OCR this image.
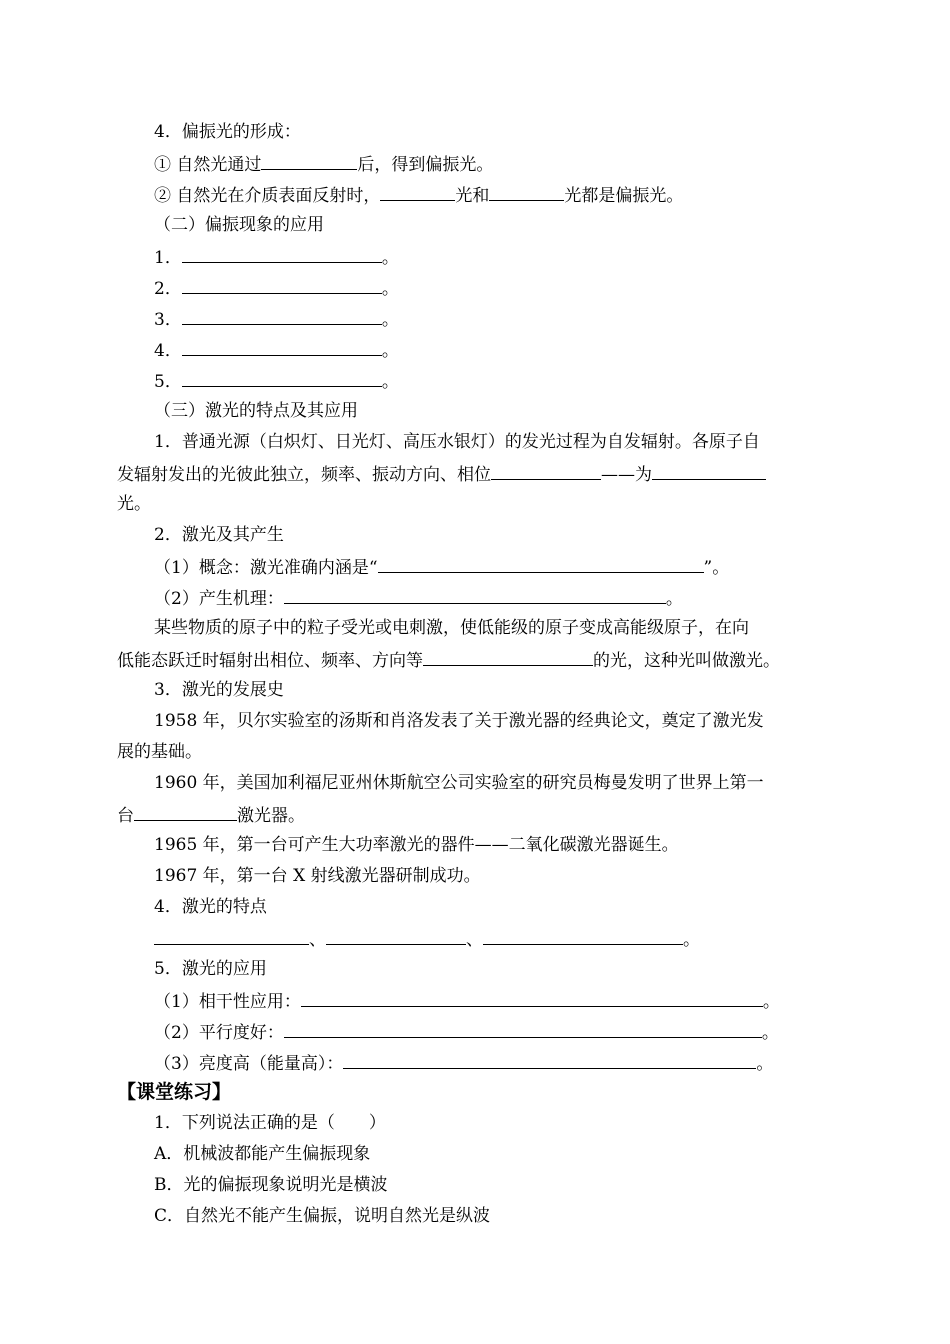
4．偏振光的形成：
① 自然光通过	后，得到偏振光。
② 自然光在介质表面反射时，	光和	光都是偏振光。
（二）偏振现象的应用
1．	。
2．	。
3．	。
4．	。
5．	。
（三）激光的特点及其应用
1．普通光源（白炽灯、日光灯、高压水银灯）的发光过程为自发辐射。各原子自
发辐射发出的光彼此独立，频率、振动方向、相位	——为
光。
2．激光及其产生
（1）概念：激光准确内涵是“	”。
（2）产生机理：	。
某些物质的原子中的粒子受光或电刺激，使低能级的原子变成高能级原子，在向
低能态跃迁时辐射出相位、频率、方向等	的光，这种光叫做激光。
3．激光的发展史
1958 年，贝尔实验室的汤斯和肖洛发表了关于激光器的经典论文，奠定了激光发
展的基础。
1960 年，美国加利福尼亚州休斯航空公司实验室的研究员梅曼发明了世界上第一
台	激光器。
1965 年，第一台可产生大功率激光的器件——二氧化碳激光器诞生。
1967 年，第一台 X 射线激光器研制成功。
4．激光的特点
、	、	。
5．激光的应用
（1）相干性应用：	。
（2）平行度好：	。
（3）亮度高（能量高）：	。
【课堂练习】
1．下列说法正确的是（　　）
A．机械波都能产生偏振现象
B．光的偏振现象说明光是横波
C．自然光不能产生偏振，说明自然光是纵波
